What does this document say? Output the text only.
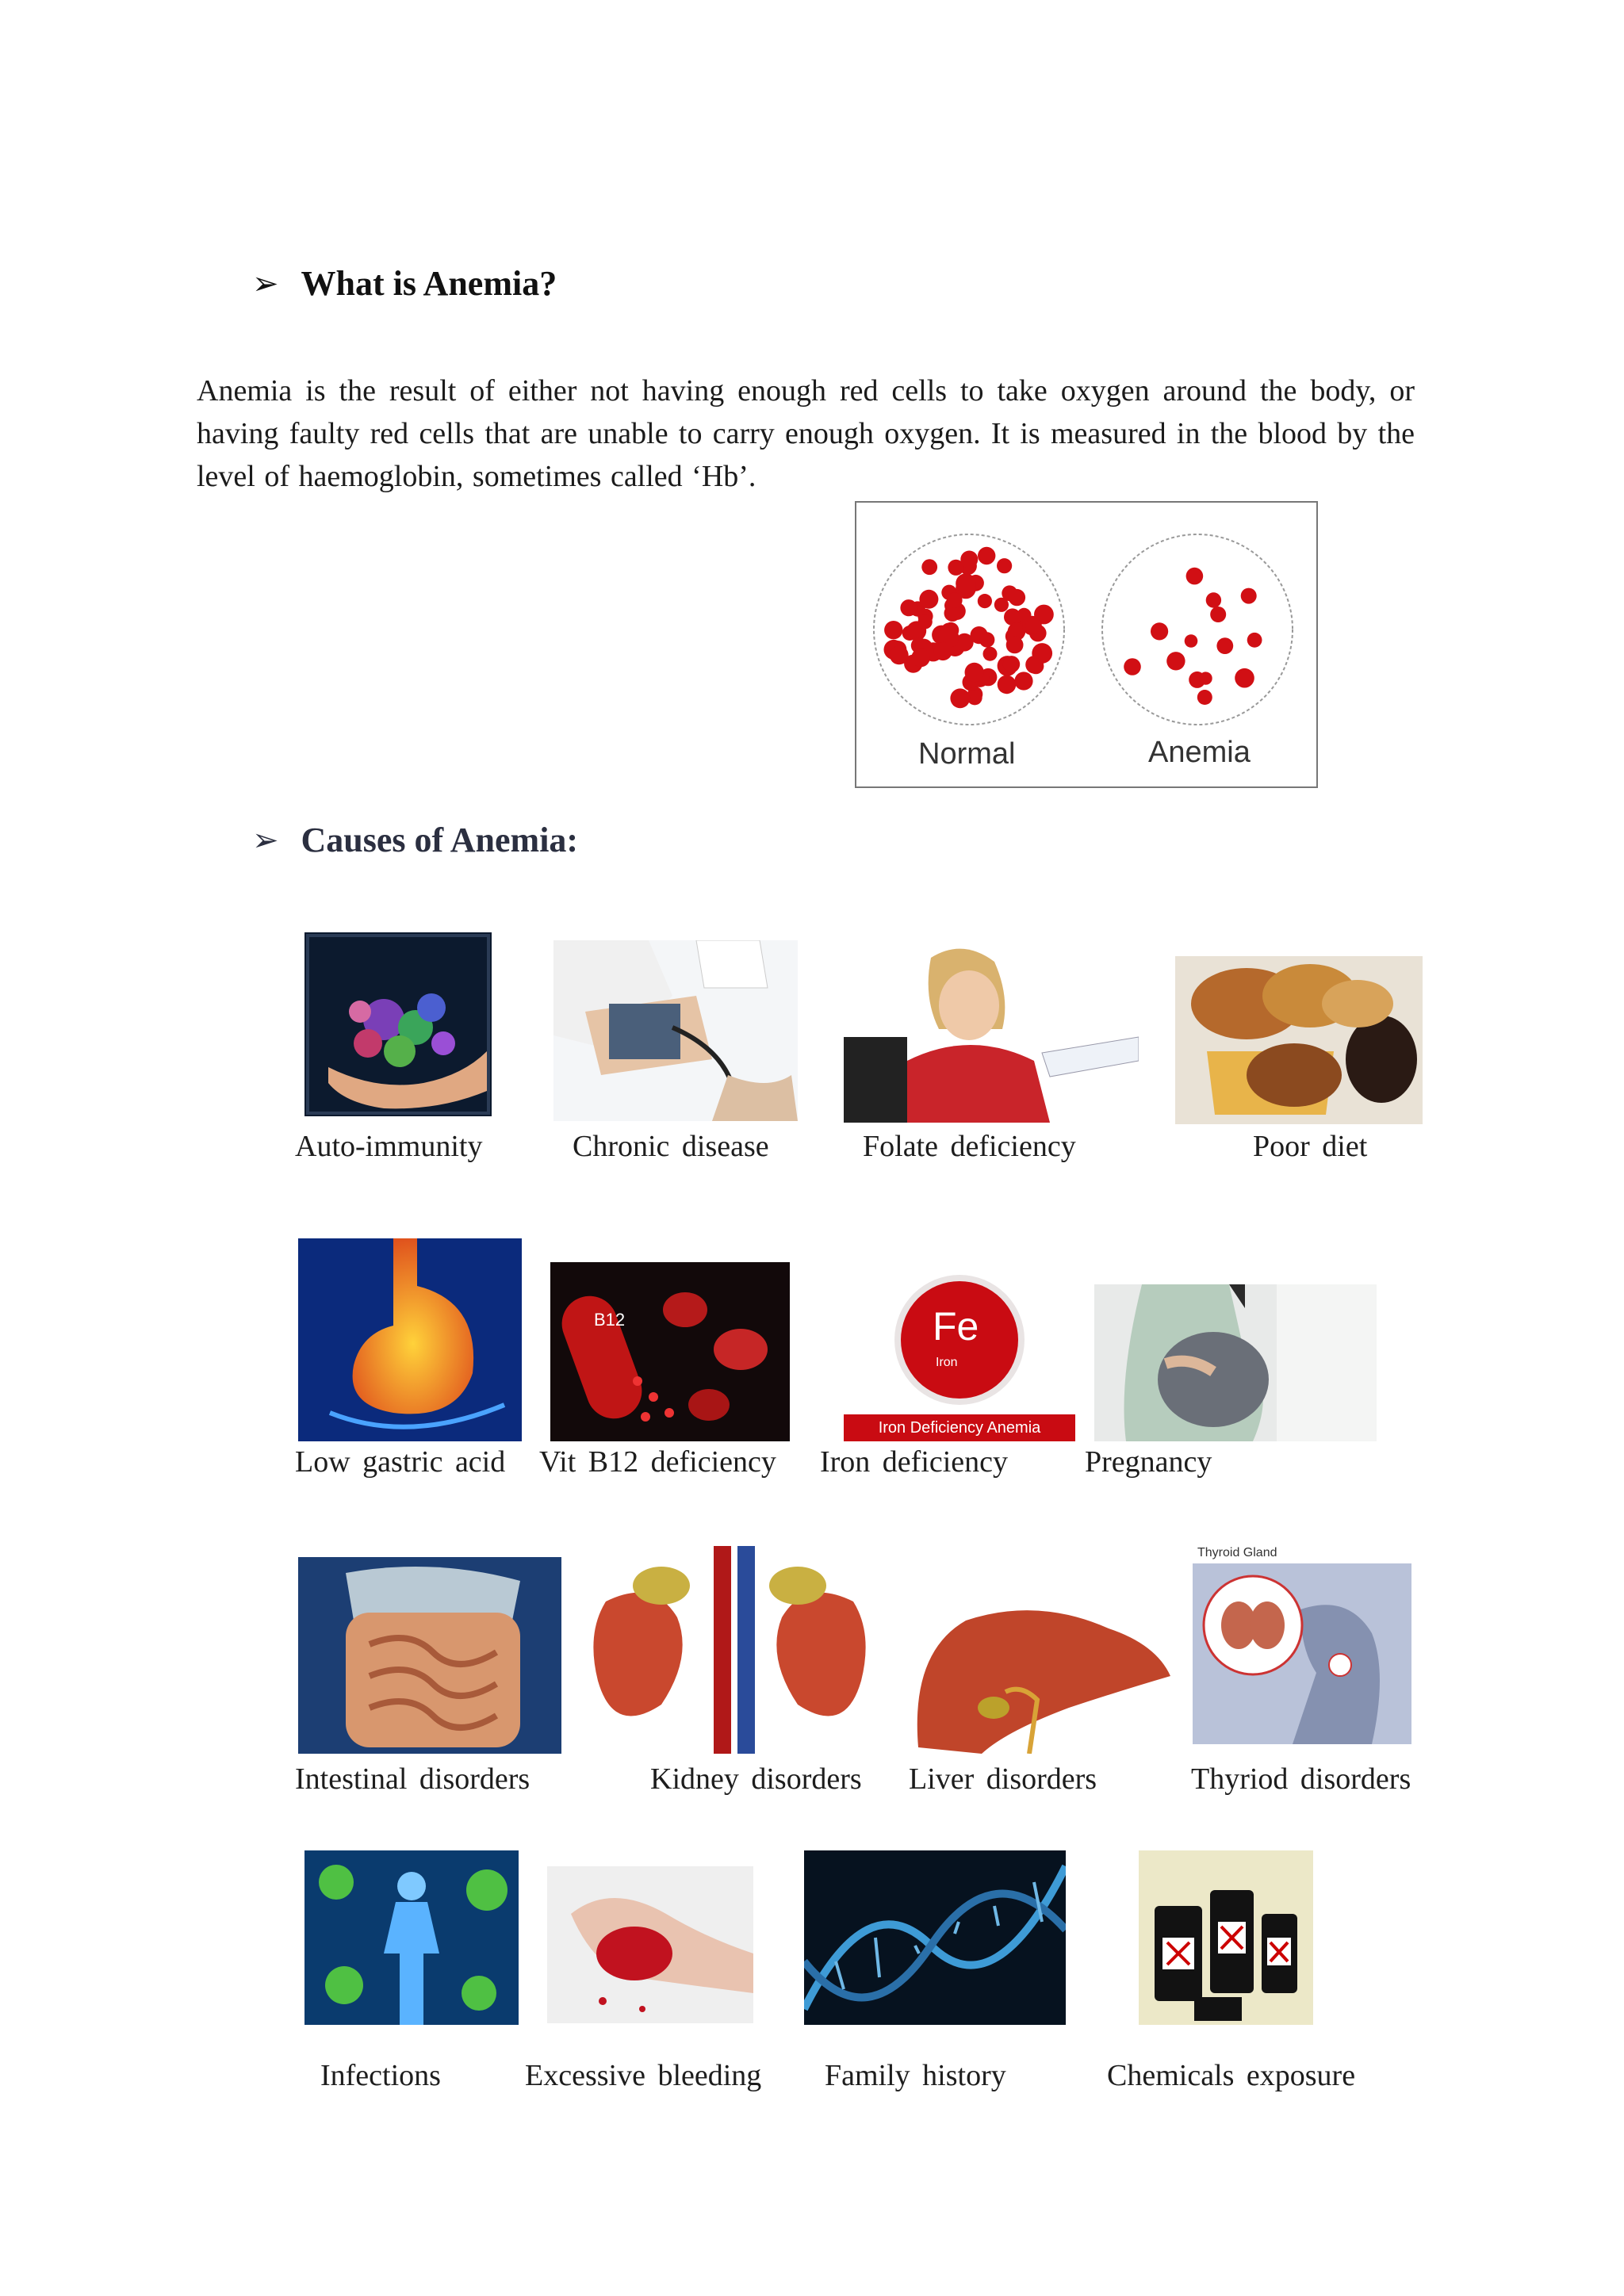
➢ What is Anemia?

Anemia is the result of either not having enough red cells to take oxygen around the body, or having faulty red cells that are unable to carry enough oxygen. It is measured in the blood by the level of haemoglobin, sometimes called ‘Hb’.

Normal	Anemia
➢ Causes of Anemia:
Auto-immunity	Chronic disease	Folate deficiency	Poor diet
B12	Fe
Iron
Iron Deficiency Anemia
Low gastric acid Vit B12 deficiency Iron deficiency	Pregnancy
Thyroid Gland
Intestinal disorders	Kidney disorders Liver disorders	Thyriod disorders
Infections	Excessive bleeding Family history	Chemicals exposure
